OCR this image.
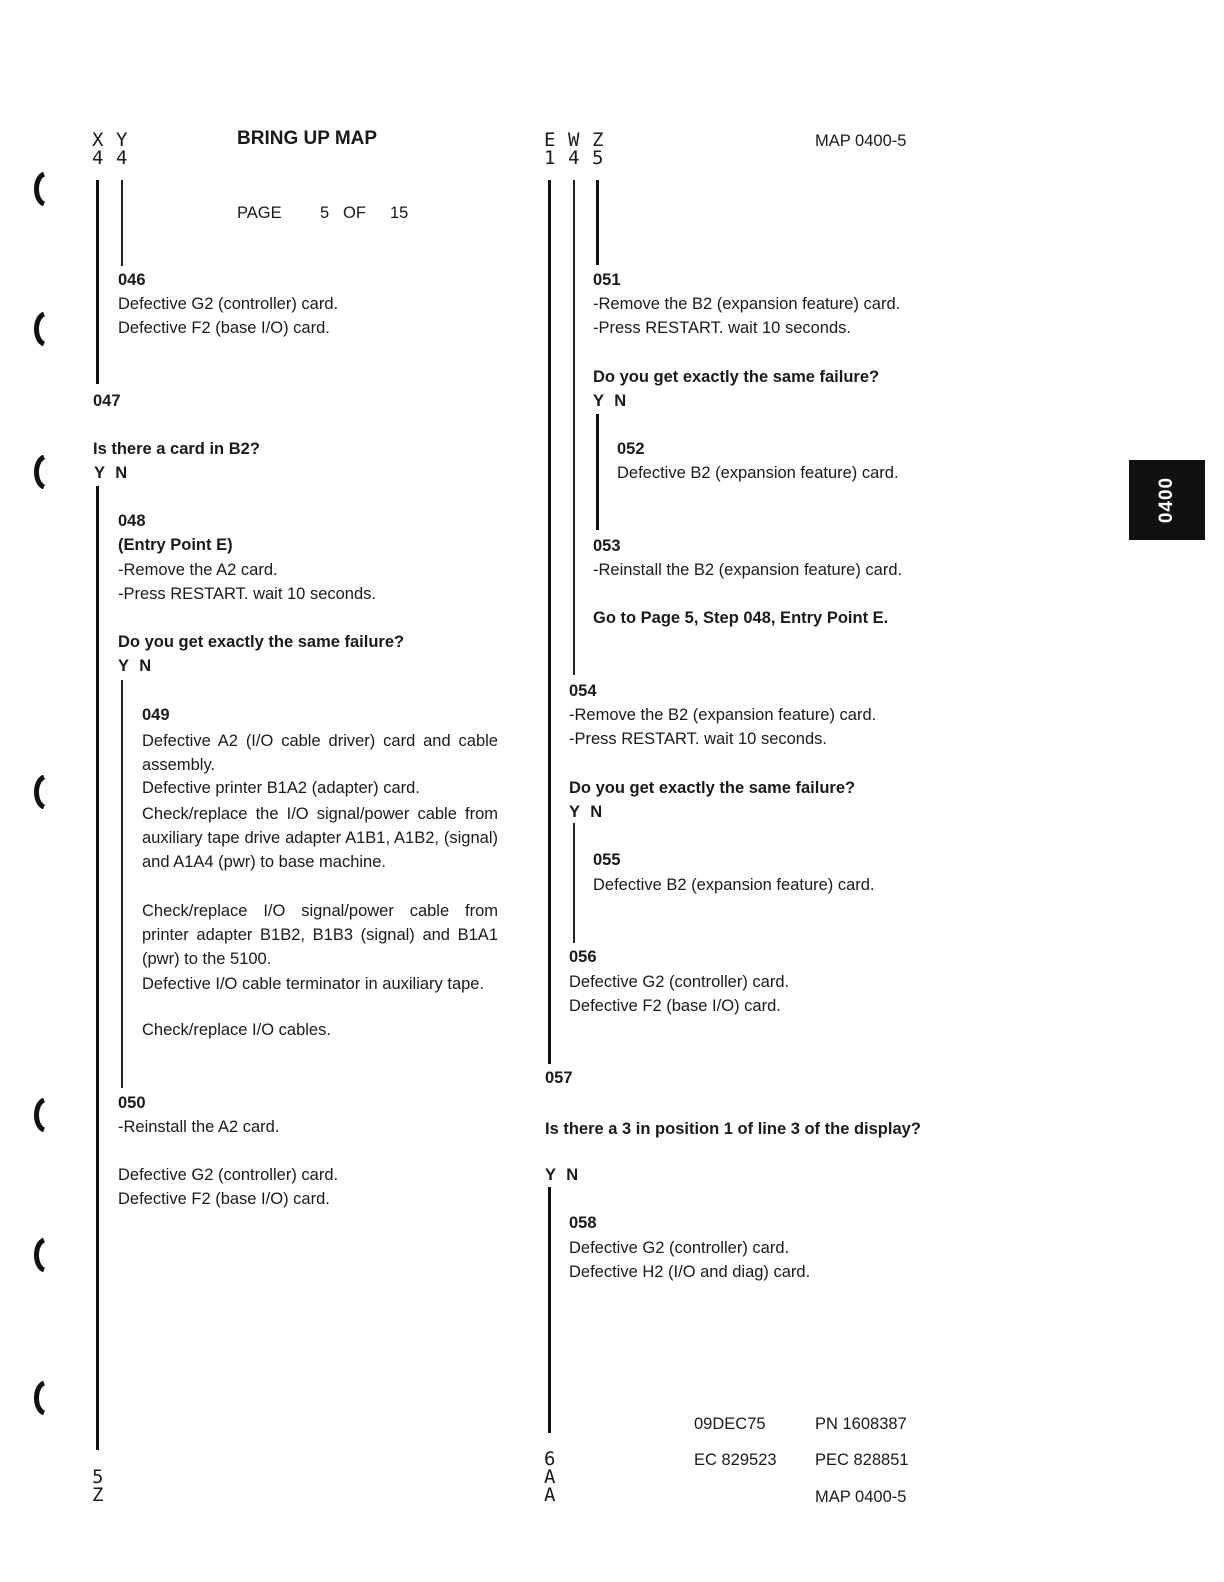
X Y
4 4
BRING UP MAP
PAGE 5 OF 15
E W Z
1 4 5
MAP 0400-5
0400
046
Defective G2 (controller) card.
Defective F2 (base I/O) card.
047
Is there a card in B2?
Y N
048
(Entry Point E)
-Remove the A2 card.
-Press RESTART. wait 10 seconds.
Do you get exactly the same failure?
Y N
049
Defective A2 (I/O cable driver) card and cable assembly.
Defective printer B1A2 (adapter) card.
Check/replace the I/O signal/power cable from auxiliary tape drive adapter A1B1, A1B2, (signal) and A1A4 (pwr) to base machine.
Check/replace I/O signal/power cable from printer adapter B1B2, B1B3 (signal) and B1A1 (pwr) to the 5100.
Defective I/O cable terminator in auxiliary tape.
Check/replace I/O cables.
050
-Reinstall the A2 card.
Defective G2 (controller) card.
Defective F2 (base I/O) card.
5
Z
051
-Remove the B2 (expansion feature) card.
-Press RESTART. wait 10 seconds.
Do you get exactly the same failure?
Y N
052
Defective B2 (expansion feature) card.
053
-Reinstall the B2 (expansion feature) card.
Go to Page 5, Step 048, Entry Point E.
054
-Remove the B2 (expansion feature) card.
-Press RESTART. wait 10 seconds.
Do you get exactly the same failure?
Y N
055
Defective B2 (expansion feature) card.
056
Defective G2 (controller) card.
Defective F2 (base I/O) card.
057
Is there a 3 in position 1 of line 3 of the display?
Y N
058
Defective G2 (controller) card.
Defective H2 (I/O and diag) card.
6
A
A
09DEC75	PN 1608387
EC 829523 PEC 828851
MAP 0400-5
